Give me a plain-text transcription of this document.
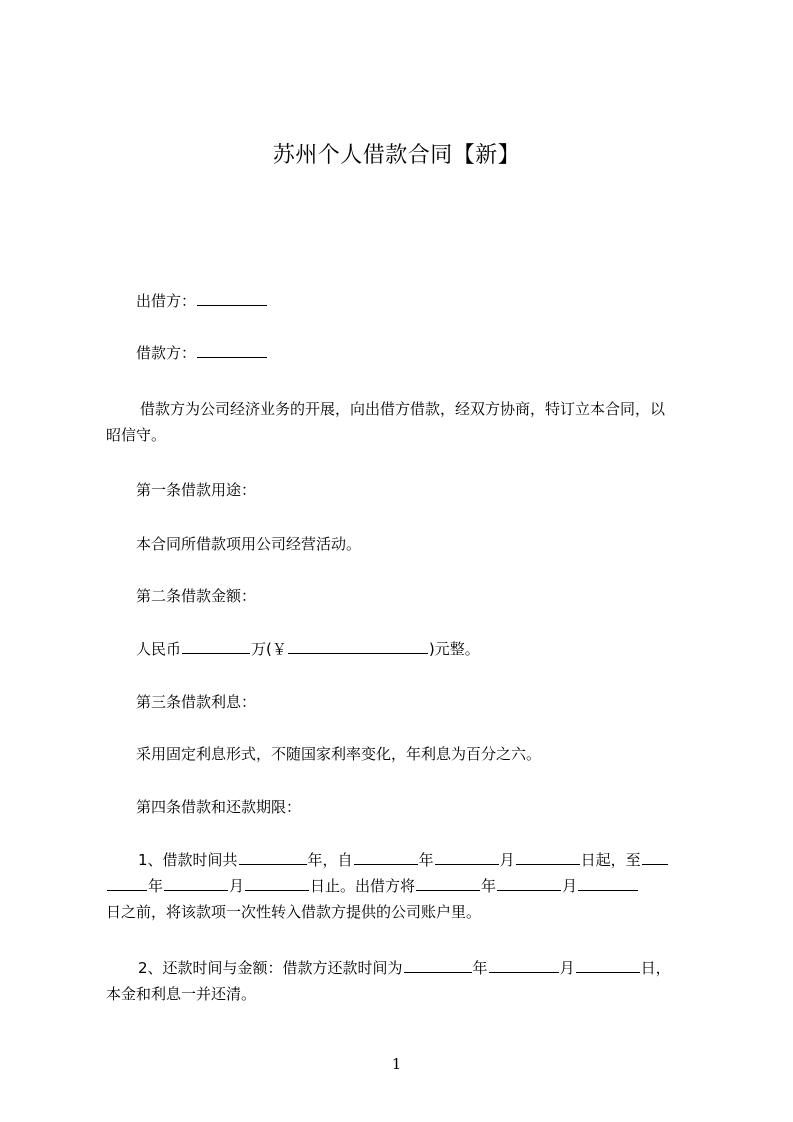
苏州个人借款合同【新】
出借方：
借款方：
借款方为公司经济业务的开展，向出借方借款，经双方协商，特订立本合同，以
昭信守。
第一条借款用途：
本合同所借款项用公司经营活动。
第二条借款金额：
人民币	万(￥	)元整。
第三条借款利息：
采用固定利息形式，不随国家利率变化，年利息为百分之六。
第四条借款和还款期限：
1、借款时间共	年，自	年	月	日起，至
年	月	日止。出借方将	年	月
日之前，将该款项一次性转入借款方提供的公司账户里。
2、还款时间与金额：借款方还款时间为	年	月	日，
本金和利息一并还清。
1
